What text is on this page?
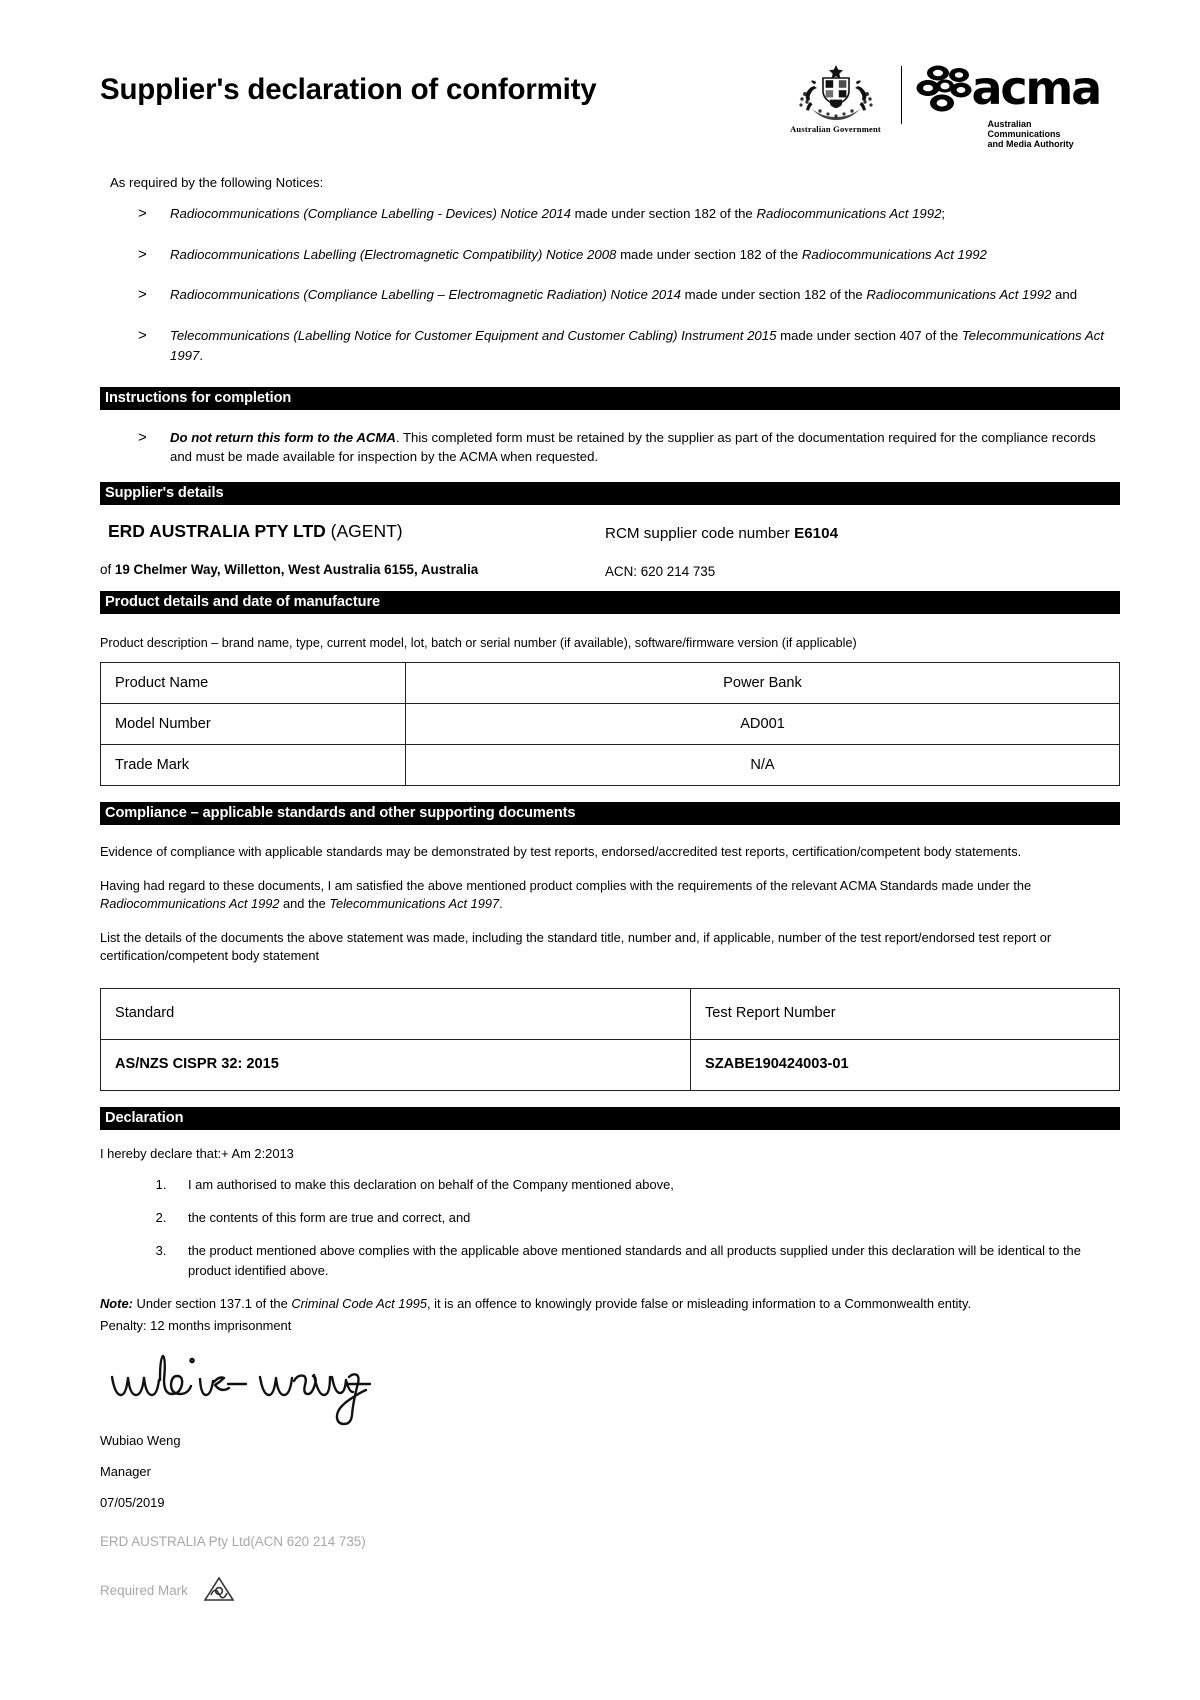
Supplier's declaration of conformity
Australian Government
acma
Australian
Communications
and Media Authority
As required by the following Notices:
> Radiocommunications (Compliance Labelling - Devices) Notice 2014 made under section 182 of the Radiocommunications Act 1992;
> Radiocommunications Labelling (Electromagnetic Compatibility) Notice 2008 made under section 182 of the Radiocommunications Act 1992
> Radiocommunications (Compliance Labelling – Electromagnetic Radiation) Notice 2014 made under section 182 of the Radiocommunications Act 1992 and
> Telecommunications (Labelling Notice for Customer Equipment and Customer Cabling) Instrument 2015 made under section 407 of the Telecommunications Act 1997.
Instructions for completion
> Do not return this form to the ACMA. This completed form must be retained by the supplier as part of the documentation required for the compliance records and must be made available for inspection by the ACMA when requested.
Supplier's details
ERD AUSTRALIA PTY LTD (AGENT)
of 19 Chelmer Way, Willetton, West Australia 6155, Australia
RCM supplier code number E6104
ACN: 620 214 735
Product details and date of manufacture
Product description – brand name, type, current model, lot, batch or serial number (if available), software/firmware version (if applicable)
Product Name	Power Bank
Model Number	AD001
Trade Mark	N/A
Compliance – applicable standards and other supporting documents
Evidence of compliance with applicable standards may be demonstrated by test reports, endorsed/accredited test reports, certification/competent body statements.
Having had regard to these documents, I am satisfied the above mentioned product complies with the requirements of the relevant ACMA Standards made under the Radiocommunications Act 1992 and the Telecommunications Act 1997.
List the details of the documents the above statement was made, including the standard title, number and, if applicable, number of the test report/endorsed test report or certification/competent body statement
Standard	Test Report Number
AS/NZS CISPR 32: 2015	SZABE190424003-01
Declaration
I hereby declare that:+ Am 2:2013
1. I am authorised to make this declaration on behalf of the Company mentioned above,
2. the contents of this form are true and correct, and
3. the product mentioned above complies with the applicable above mentioned standards and all products supplied under this declaration will be identical to the product identified above.
Note: Under section 137.1 of the Criminal Code Act 1995, it is an offence to knowingly provide false or misleading information to a Commonwealth entity.
Penalty: 12 months imprisonment
Wubiao Weng
Manager
07/05/2019
ERD AUSTRALIA Pty Ltd(ACN 620 214 735)
Required Mark
